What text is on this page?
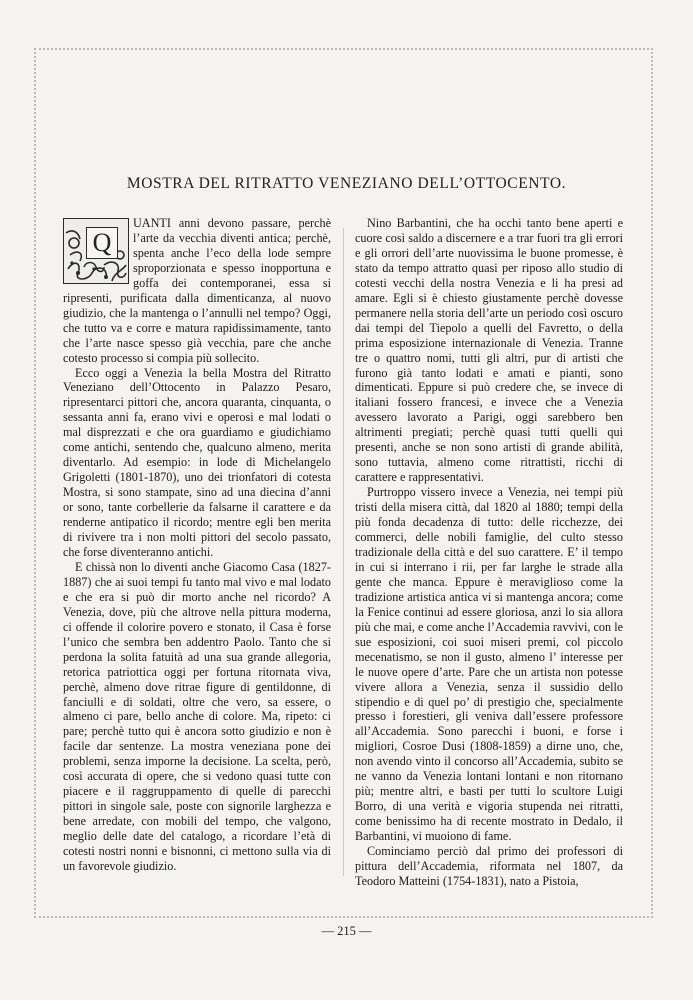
MOSTRA DEL RITRATTO VENEZIANO DELL’OTTOCENTO.

Q
UANTI anni devono passare, perchè l’arte da vecchia diventi antica; perchè, spenta anche l’eco della lode sempre sproporzionata e spesso inopportuna e goffa dei contemporanei, essa si ripresenti, purificata dalla dimenticanza, al nuovo giudizio, che la mantenga o l’annulli nel tempo? Oggi, che tutto va e corre e matura rapidissimamente, tanto che l’arte nasce spesso già vecchia, pare che anche cotesto processo si compia più sollecito.

Ecco oggi a Venezia la bella Mostra del Ritratto Veneziano dell’Ottocento in Palazzo Pesaro, ripresentarci pittori che, ancora quaranta, cinquanta, o sessanta anni fa, erano vivi e operosi e mal lodati o mal disprezzati e che ora guardiamo e giudichiamo come antichi, sentendo che, qualcuno almeno, merita diventarlo. Ad esempio: in lode di Michelangelo Grigoletti (1801-1870), uno dei trionfatori di cotesta Mostra, si sono stampate, sino ad una diecina d’anni or sono, tante corbellerie da falsarne il carattere e da renderne antipatico il ricordo; mentre egli ben merita di rivivere tra i non molti pittori del secolo passato, che forse diventeranno antichi.

E chissà non lo diventi anche Giacomo Casa (1827-1887) che ai suoi tempi fu tanto mal vivo e mal lodato e che era si può dir morto anche nel ricordo? A Venezia, dove, più che altrove nella pittura moderna, ci offende il colorire povero e stonato, il Casa è forse l’unico che sembra ben addentro Paolo. Tanto che si perdona la solita fatuità ad una sua grande allegoria, retorica patriottica oggi per fortuna ritornata viva, perchè, almeno dove ritrae figure di gentildonne, di fanciulli e di soldati, oltre che vero, sa essere, o almeno ci pare, bello anche di colore. Ma, ripeto: ci pare; perchè tutto qui è ancora sotto giudizio e non è facile dar sentenze. La mostra veneziana pone dei problemi, senza imporne la decisione. La scelta, però, così accurata di opere, che si vedono quasi tutte con piacere e il raggruppamento di quelle di parecchi pittori in singole sale, poste con signorile larghezza e bene arredate, con mobili del tempo, che valgono, meglio delle date del catalogo, a ricordare l’età di cotesti nostri nonni e bisnonni, ci mettono sulla via di un favorevole giudizio.

Nino Barbantini, che ha occhi tanto bene aperti e cuore così saldo a discernere e a trar fuori tra gli errori e gli orrori dell’arte nuovissima le buone promesse, è stato da tempo attratto quasi per riposo allo studio di cotesti vecchi della nostra Venezia e li ha presi ad amare. Egli si è chiesto giustamente perchè dovesse permanere nella storia dell’arte un periodo così oscuro dai tempi del Tiepolo a quelli del Favretto, o della prima esposizione internazionale di Venezia. Tranne tre o quattro nomi, tutti gli altri, pur di artisti che furono già tanto lodati e amati e pianti, sono dimenticati. Eppure si può credere che, se invece di italiani fossero francesi, e invece che a Venezia avessero lavorato a Parigi, oggi sarebbero ben altrimenti pregiati; perchè quasi tutti quelli qui presenti, anche se non sono artisti di grande abilità, sono tuttavia, almeno come ritrattisti, ricchi di carattere e rappresentativi.

Purtroppo vissero invece a Venezia, nei tempi più tristi della misera città, dal 1820 al 1880; tempi della più fonda decadenza di tutto: delle ricchezze, dei commerci, delle nobili famiglie, del culto stesso tradizionale della città e del suo carattere. E’ il tempo in cui si interrano i rii, per far larghe le strade alla gente che manca. Eppure è meraviglioso come la tradizione artistica antica vi si mantenga ancora; come la Fenice continui ad essere gloriosa, anzi lo sia allora più che mai, e come anche l’Accademia ravvivi, con le sue esposizioni, coi suoi miseri premi, col piccolo mecenatismo, se non il gusto, almeno l’ interesse per le nuove opere d’arte. Pare che un artista non potesse vivere allora a Venezia, senza il sussidio dello stipendio e di quel po’ di prestigio che, specialmente presso i forestieri, gli veniva dall’essere professore all’Accademia. Sono parecchi i buoni, e forse i migliori, Cosroe Dusi (1808-1859) a dirne uno, che, non avendo vinto il concorso all’Accademia, subito se ne vanno da Venezia lontani lontani e non ritornano più; mentre altri, e basti per tutti lo scultore Luigi Borro, di una verità e vigoria stupenda nei ritratti, come benissimo ha di recente mostrato in Dedalo, il Barbantini, vi muoiono di fame.

Cominciamo perciò dal primo dei professori di pittura dell’Accademia, riformata nel 1807, da Teodoro Matteini (1754-1831), nato a Pistoia,

— 215 —
